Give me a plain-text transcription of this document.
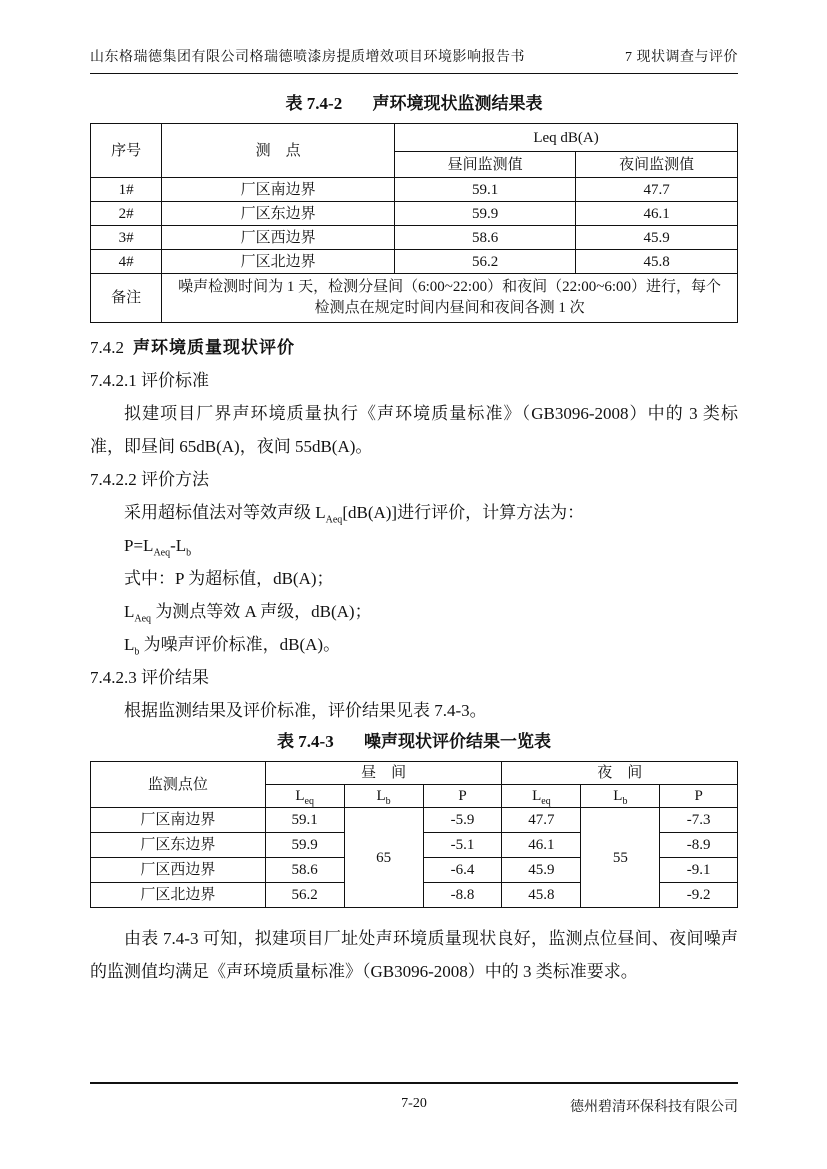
山东格瑞德集团有限公司格瑞德喷漆房提质增效项目环境影响报告书	7 现状调查与评价
表 7.4-2 声环境现状监测结果表
序号	测　点	Leq dB(A)	
		昼间监测值	夜间监测值
1#	厂区南边界	59.1	47.7
2#	厂区东边界	59.9	46.1
3#	厂区西边界	58.6	45.9
4#	厂区北边界	56.2	45.8
备注	噪声检测时间为 1 天，检测分昼间（6:00~22:00）和夜间（22:00~6:00）进行，每个检测点在规定时间内昼间和夜间各测 1 次		
7.4.2 声环境质量现状评价
7.4.2.1 评价标准

拟建项目厂界声环境质量执行《声环境质量标准》（GB3096-2008）中的 3 类标准，即昼间 65dB(A)，夜间 55dB(A)。

7.4.2.2 评价方法
采用超标值法对等效声级 $L_{Aeq}[dB(A)]$进行评价，计算方法为：
$P=L_{Aeq}-L_b$
式中：P 为超标值，dB(A)；
$L_{Aeq}$ 为测点等效 A 声级，dB(A)；
$L_b$ 为噪声评价标准，dB(A)。
7.4.2.3 评价结果

根据监测结果及评价标准，评价结果见表 7.4-3。

表 7.4-3 噪声现状评价结果一览表
监测点位	昼　间			夜　间		
	$L_{eq}$	$L_b$	P	$L_{eq}$	$L_b$	P
厂区南边界	59.1	65	-5.9	47.7	55	-7.3
厂区东边界	59.9		-5.1	46.1		-8.9
厂区西边界	58.6		-6.4	45.9		-9.1
厂区北边界	56.2		-8.8	45.8		-9.2

由表 7.4-3 可知，拟建项目厂址处声环境质量现状良好，监测点位昼间、夜间噪声的监测值均满足《声环境质量标准》（GB3096-2008）中的 3 类标准要求。

7-20	德州碧清环保科技有限公司
